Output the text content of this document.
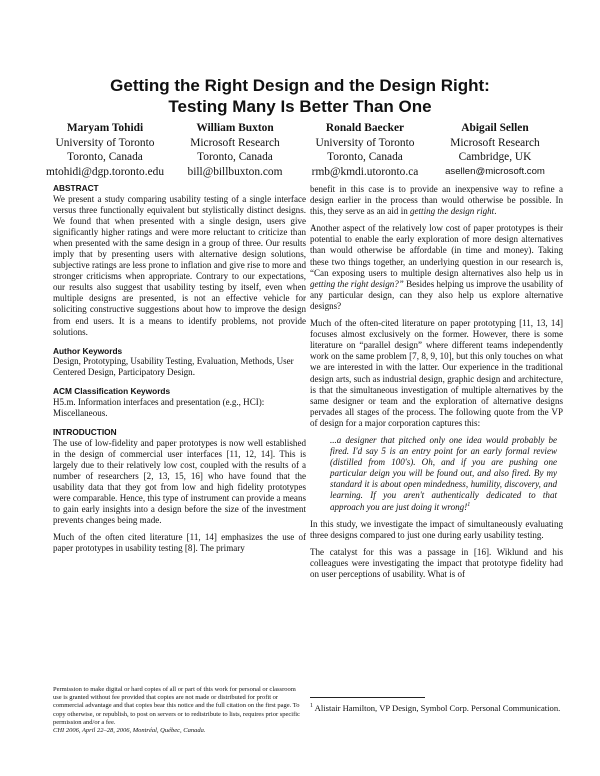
Getting the Right Design and the Design Right:
Testing Many Is Better Than One
Maryam Tohidi
University of Toronto
Toronto, Canada
mtohidi@dgp.toronto.edu
William Buxton
Microsoft Research
Toronto, Canada
bill@billbuxton.com
Ronald Baecker
University of Toronto
Toronto, Canada
rmb@kmdi.utoronto.ca
Abigail Sellen
Microsoft Research
Cambridge, UK
asellen@microsoft.com
ABSTRACT

We present a study comparing usability testing of a single interface versus three functionally equivalent but stylistically distinct designs. We found that when presented with a single design, users give significantly higher ratings and were more reluctant to criticize than when presented with the same design in a group of three. Our results imply that by presenting users with alternative design solutions, subjective ratings are less prone to inflation and give rise to more and stronger criticisms when appropriate. Contrary to our expectations, our results also suggest that usability testing by itself, even when multiple designs are presented, is not an effective vehicle for soliciting constructive suggestions about how to improve the design from end users. It is a means to identify problems, not provide solutions.

Author Keywords

Design, Prototyping, Usability Testing, Evaluation, Methods, User Centered Design, Participatory Design.

ACM Classification Keywords

H5.m. Information interfaces and presentation (e.g., HCI): Miscellaneous.

INTRODUCTION

The use of low-fidelity and paper prototypes is now well established in the design of commercial user interfaces [11, 12, 14]. This is largely due to their relatively low cost, coupled with the results of a number of researchers [2, 13, 15, 16] who have found that the usability data that they got from low and high fidelity prototypes were comparable. Hence, this type of instrument can provide a means to gain early insights into a design before the size of the investment prevents changes being made.

Much of the often cited literature [11, 14] emphasizes the use of paper prototypes in usability testing [8]. The primary

Permission to make digital or hard copies of all or part of this work for personal or classroom use is granted without fee provided that copies are not made or distributed for profit or commercial advantage and that copies bear this notice and the full citation on the first page. To copy otherwise, or republish, to post on servers or to redistribute to lists, requires prior specific permission and/or a fee.
CHI 2006, April 22–28, 2006, Montréal, Québec, Canada.

benefit in this case is to provide an inexpensive way to refine a design earlier in the process than would otherwise be possible. In this, they serve as an aid in getting the design right.

Another aspect of the relatively low cost of paper prototypes is their potential to enable the early exploration of more design alternatives than would otherwise be affordable (in time and money). Taking these two things together, an underlying question in our research is, “Can exposing users to multiple design alternatives also help us in getting the right design?” Besides helping us improve the usability of any particular design, can they also help us explore alternative designs?

Much of the often-cited literature on paper prototyping [11, 13, 14] focuses almost exclusively on the former. However, there is some literature on “parallel design” where different teams independently work on the same problem [7, 8, 9, 10], but this only touches on what we are interested in with the latter. Our experience in the traditional design arts, such as industrial design, graphic design and architecture, is that the simultaneous investigation of multiple alternatives by the same designer or team and the exploration of alternative designs pervades all stages of the process. The following quote from the VP of design for a major corporation captures this:

...a designer that pitched only one idea would probably be fired. I'd say 5 is an entry point for an early formal review (distilled from 100's). Oh, and if you are pushing one particular deign you will be found out, and also fired. By my standard it is about open mindedness, humility, discovery, and learning. If you aren't authentically dedicated to that approach you are just doing it wrong!$^1$

In this study, we investigate the impact of simultaneously evaluating three designs compared to just one during early usability testing.

The catalyst for this was a passage in [16]. Wiklund and his colleagues were investigating the impact that prototype fidelity had on user perceptions of usability. What is of

$^1$ Alistair Hamilton, VP Design, Symbol Corp. Personal Communication.
